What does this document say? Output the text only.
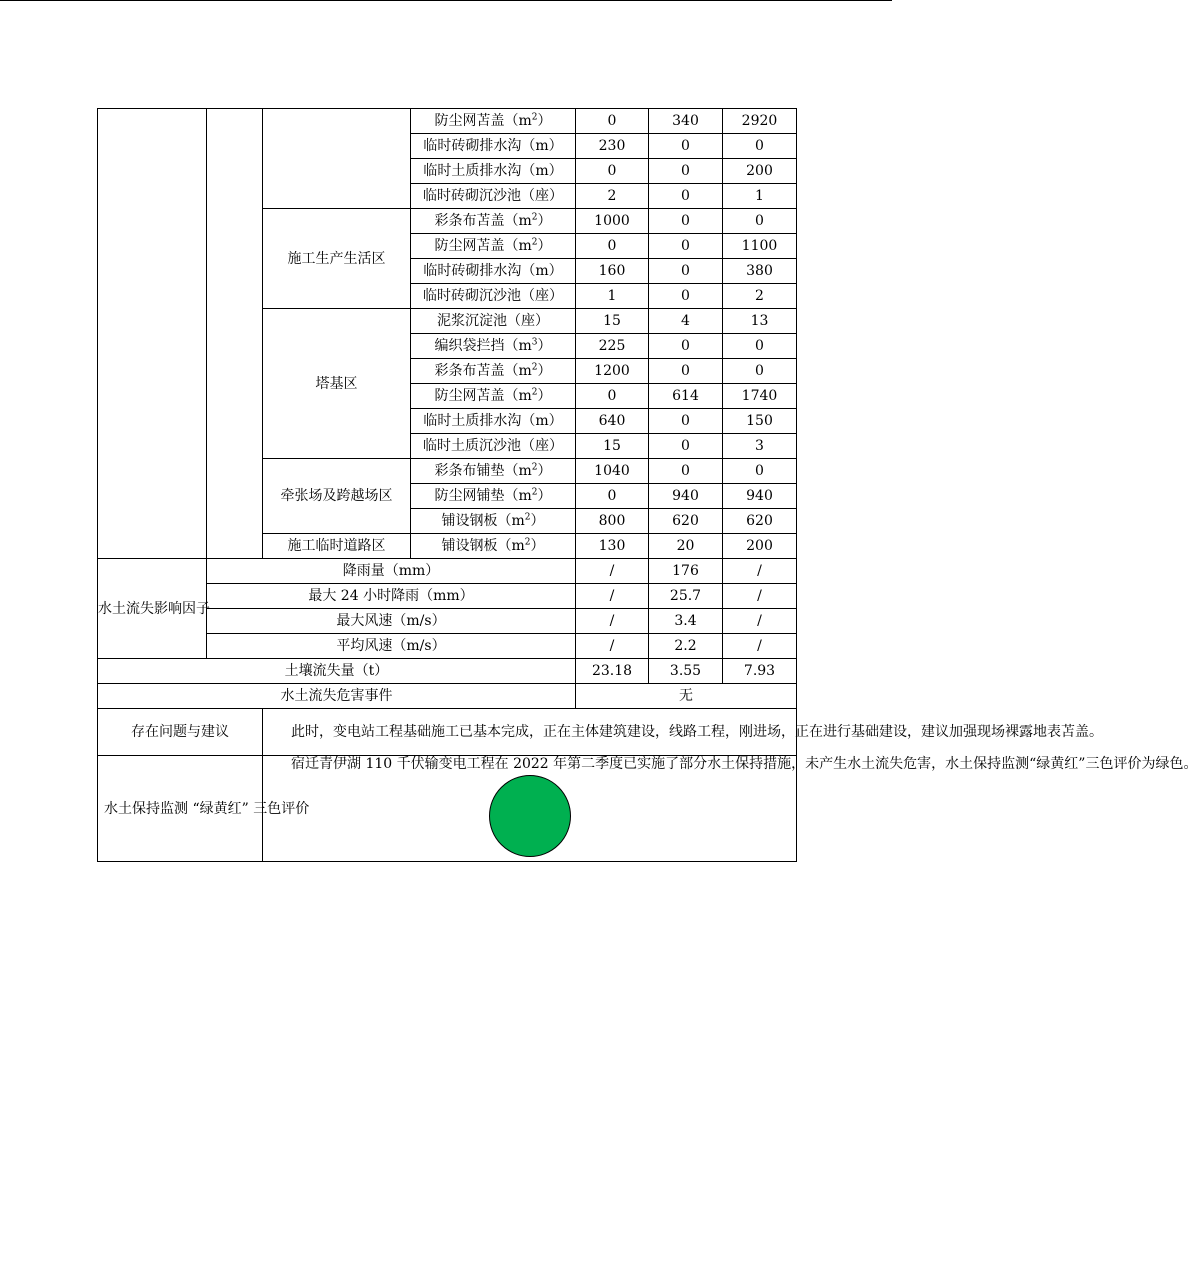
			防尘网苫盖$(m^2)$	0	340	2920
			临时砖砌排水沟（m）	230	0	0
			临时土质排水沟（m）	0	0	200
			临时砖砌沉沙池（座）	2	0	1
		施工生产生活区	彩条布苫盖$(m^2)$	1000	0	0
			防尘网苫盖$(m^2)$	0	0	1100
			临时砖砌排水沟（m）	160	0	380
			临时砖砌沉沙池（座）	1	0	2
		塔基区	泥浆沉淀池（座）	15	4	13
			编织袋拦挡$(m^3)$	225	0	0
			彩条布苫盖$(m^2)$	1200	0	0
			防尘网苫盖$(m^2)$	0	614	1740
			临时土质排水沟（m）	640	0	150
			临时土质沉沙池（座）	15	0	3
		牵张场及跨越场区	彩条布铺垫$(m^2)$	1040	0	0
			防尘网铺垫$(m^2)$	0	940	940
			铺设钢板$(m^2)$	800	620	620
		施工临时道路区	铺设钢板$(m^2)$	130	20	200
水土流失影响因子	降雨量（mm）			/	176	/
	最大 24 小时降雨（mm）			/	25.7	/
	最大风速（m/s）			/	3.4	/
	平均风速（m/s）			/	2.2	/
土壤流失量（t）				23.18	3.55	7.93
水土流失危害事件				无		
存在问题与建议		此时，变电站工程基础施工已基本完成，正在主体建筑建设，线路工程，刚进场，正在进行基础建设，建议加强现场裸露地表苫盖。				

水土保持监测 “绿黄红” 三色评价		宿迁青伊湖 110 千伏输变电工程在 2022 年第二季度已实施了部分水土保持措施，未产生水土流失危害，水土保持监测“绿黄红”三色评价为绿色。				
